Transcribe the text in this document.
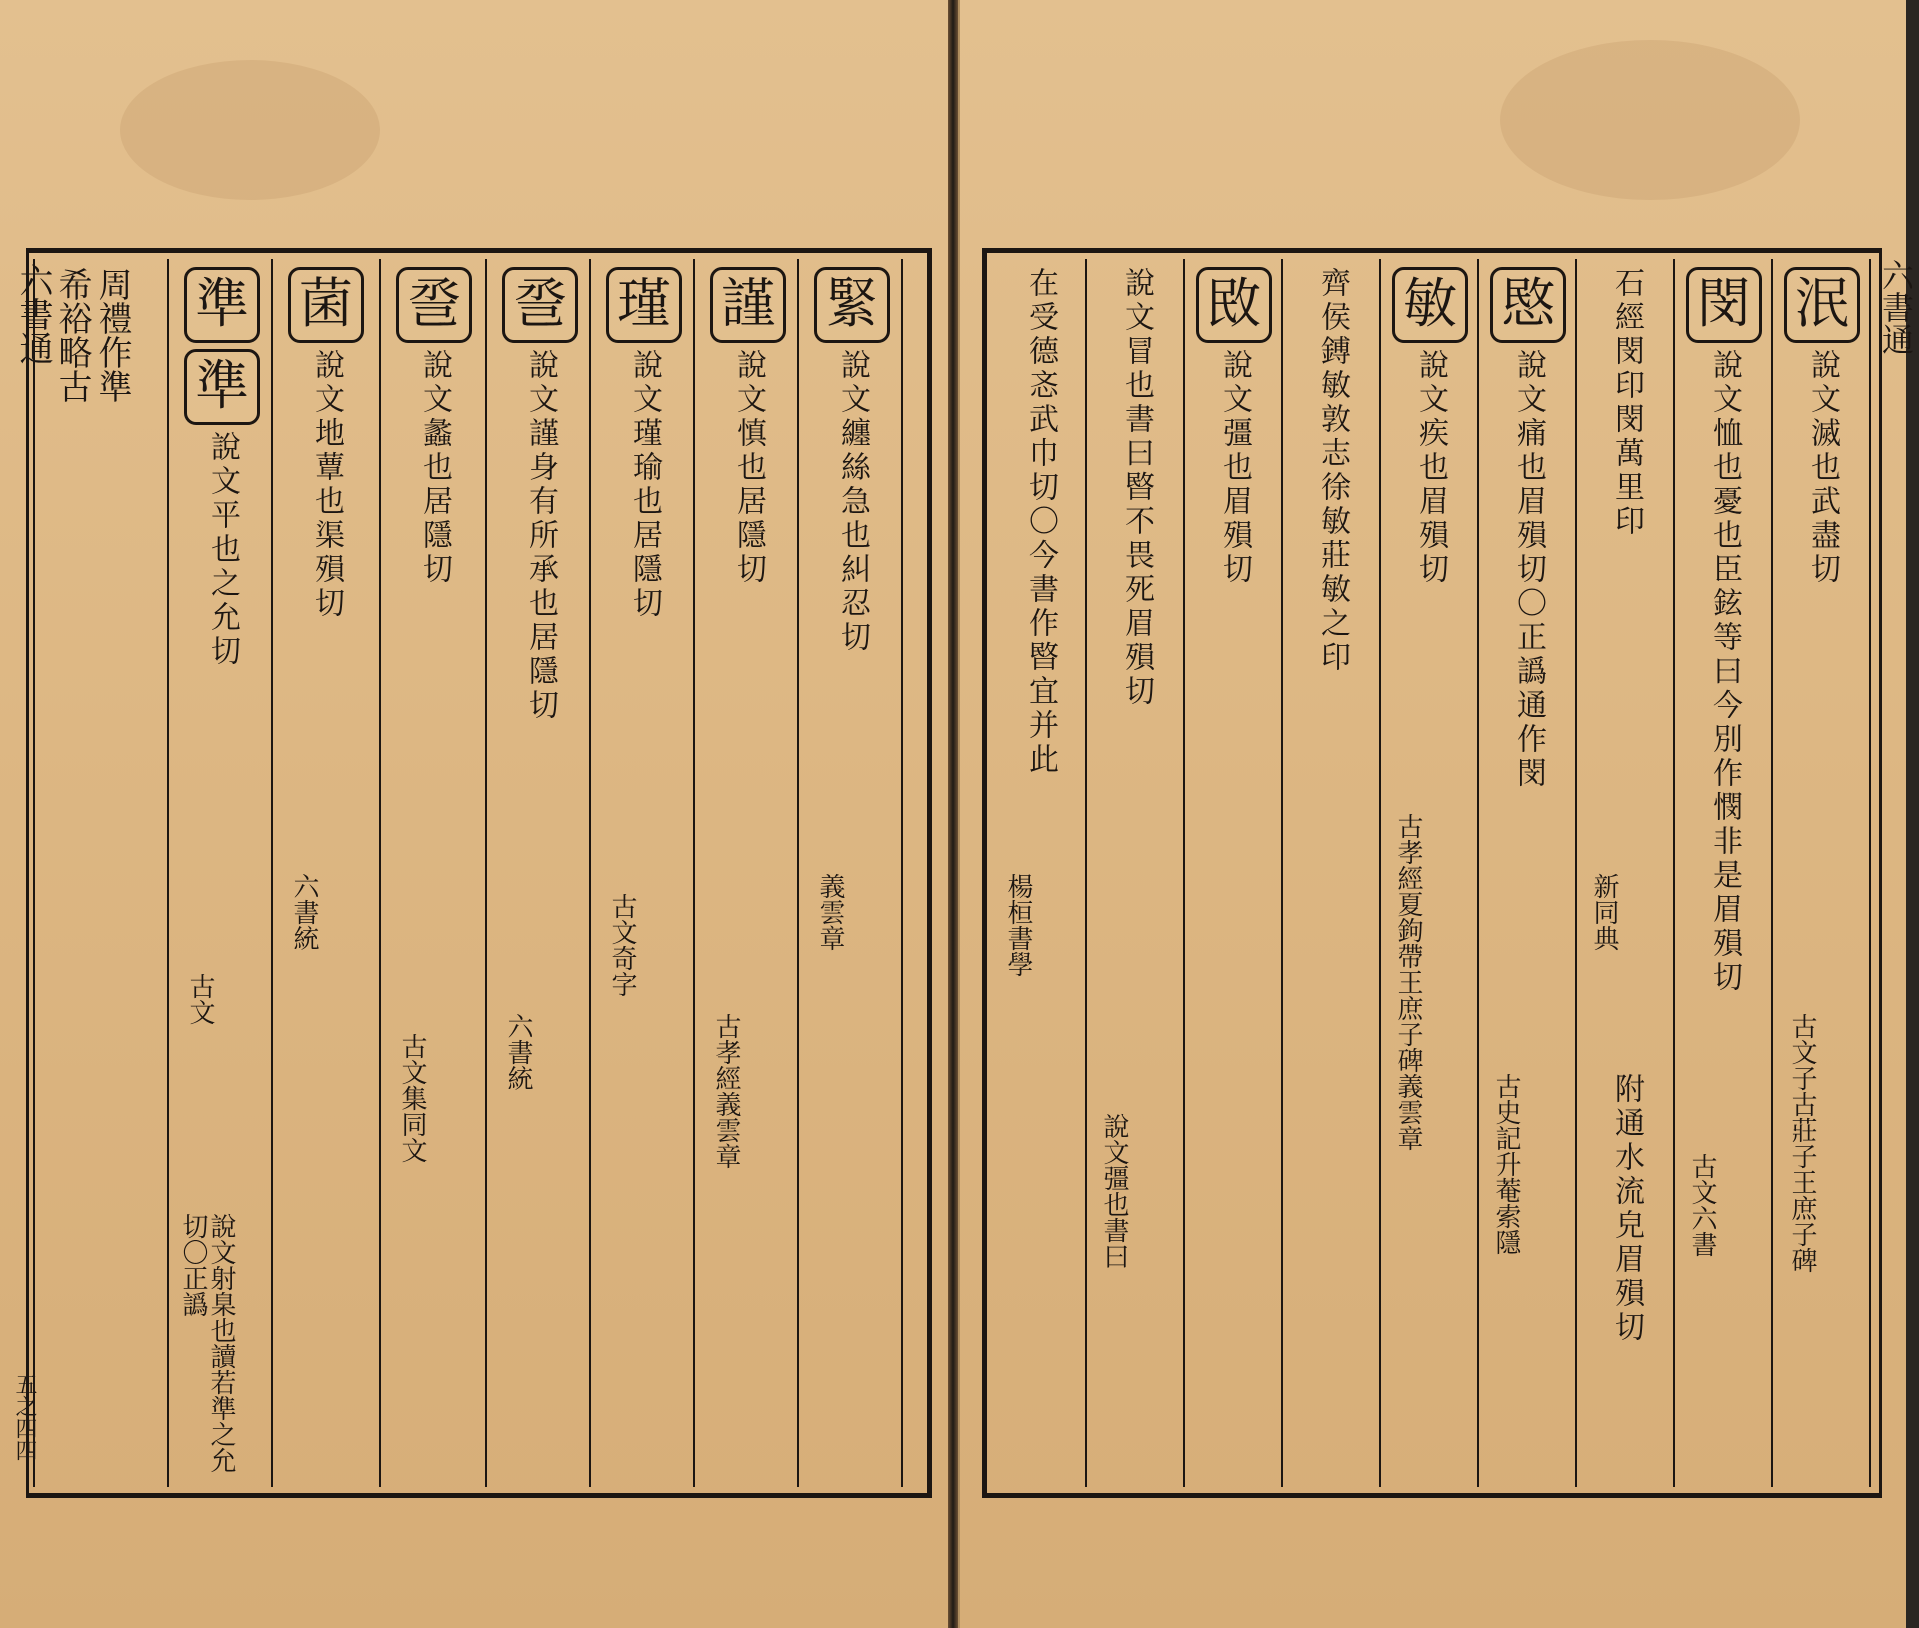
六書通
五之四四
周禮作準
希裕略古	緊
說文纏絲急也糾忍切
謹
說文慎也居隱切
瑾
說文瑾瑜也居隱切
巹
說文謹身有所承也居隱切
巹
說文蠡也居隱切
菌
說文地蕈也渠殞切
準
準
說文平也之允切
說文射臬也讀若準之允切〇正譌
義雲章
古孝經義雲章
古文奇字
六書統
古文集同文
六書統
古文
六書通
泯
說文滅也武盡切
閔
說文恤也憂也臣鉉等曰今別作憫非是眉殞切
石經閔印閔萬里印
附通水流皃眉殞切
愍
說文痛也眉殞切〇正譌通作閔
敏
說文疾也眉殞切
齊侯鎛敏敦志徐敏莊敏之印
敃
說文彊也眉殞切
說文冒也書曰暋不畏死眉殞切
在受德忞武巾切〇今書作暋宜并此
古文子古莊子王庶子碑
古文六書
新同典
古史記升菴索隱
古孝經夏鉤帶王庶子碑義雲章
說文彊也書曰
楊桓書學
